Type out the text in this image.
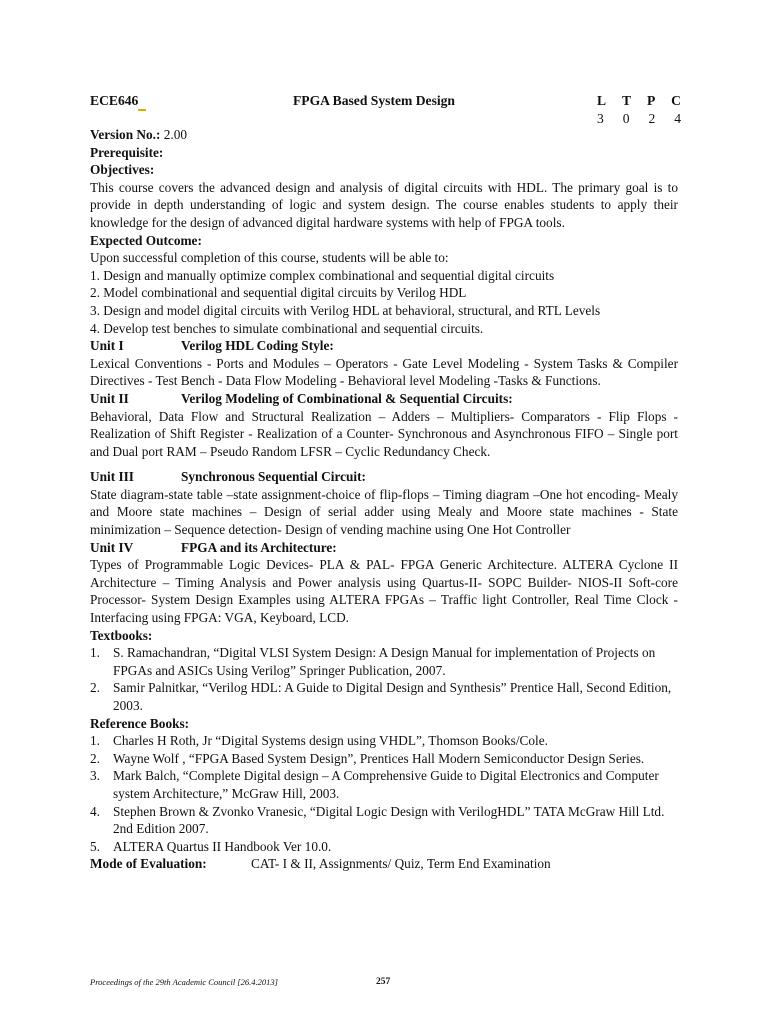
ECE646	FPGA Based System Design	L T P C
3 0 2 4

Version No.: 2.00

Prerequisite:

Objectives:

This course covers the advanced design and analysis of digital circuits with HDL. The primary goal is to provide in depth understanding of logic and system design. The course enables students to apply their knowledge for the design of advanced digital hardware systems with help of FPGA tools.

Expected Outcome:

Upon successful completion of this course, students will be able to:

1. Design and manually optimize complex combinational and sequential digital circuits

2. Model combinational and sequential digital circuits by Verilog HDL

3. Design and model digital circuits with Verilog HDL at behavioral, structural, and RTL Levels

4. Develop test benches to simulate combinational and sequential circuits.

Unit I	Verilog HDL Coding Style:

Lexical Conventions - Ports and Modules – Operators - Gate Level Modeling - System Tasks & Compiler Directives - Test Bench - Data Flow Modeling - Behavioral level Modeling -Tasks & Functions.

Unit II	Verilog Modeling of Combinational & Sequential Circuits:

Behavioral, Data Flow and Structural Realization – Adders – Multipliers- Comparators - Flip Flops - Realization of Shift Register - Realization of a Counter- Synchronous and Asynchronous FIFO – Single port and Dual port RAM – Pseudo Random LFSR – Cyclic Redundancy Check.

Unit III	Synchronous Sequential Circuit:

State diagram-state table –state assignment-choice of flip-flops – Timing diagram –One hot encoding- Mealy and Moore state machines – Design of serial adder using Mealy and Moore state machines - State minimization – Sequence detection- Design of vending machine using One Hot Controller

Unit IV	FPGA and its Architecture:

Types of Programmable Logic Devices- PLA & PAL- FPGA Generic Architecture. ALTERA Cyclone II Architecture – Timing Analysis and Power analysis using Quartus-II- SOPC Builder- NIOS-II Soft-core Processor- System Design Examples using ALTERA FPGAs – Traffic light Controller, Real Time Clock - Interfacing using FPGA: VGA, Keyboard, LCD.

Textbooks:

1. S. Ramachandran, “Digital VLSI System Design: A Design Manual for implementation of Projects on FPGAs and ASICs Using Verilog” Springer Publication, 2007.
2. Samir Palnitkar, “Verilog HDL: A Guide to Digital Design and Synthesis” Prentice Hall, Second Edition, 2003.

Reference Books:

1. Charles H Roth, Jr “Digital Systems design using VHDL”, Thomson Books/Cole.
2. Wayne Wolf , “FPGA Based System Design”, Prentices Hall Modern Semiconductor Design Series.
3. Mark Balch, “Complete Digital design – A Comprehensive Guide to Digital Electronics and Computer system Architecture,” McGraw Hill, 2003.
4. Stephen Brown & Zvonko Vranesic, “Digital Logic Design with VerilogHDL” TATA McGraw Hill Ltd. 2nd Edition 2007.
5. ALTERA Quartus II Handbook Ver 10.0.
Mode of Evaluation:	CAT- I & II, Assignments/ Quiz, Term End Examination
Proceedings of the 29th Academic Council [26.4.2013]	257
